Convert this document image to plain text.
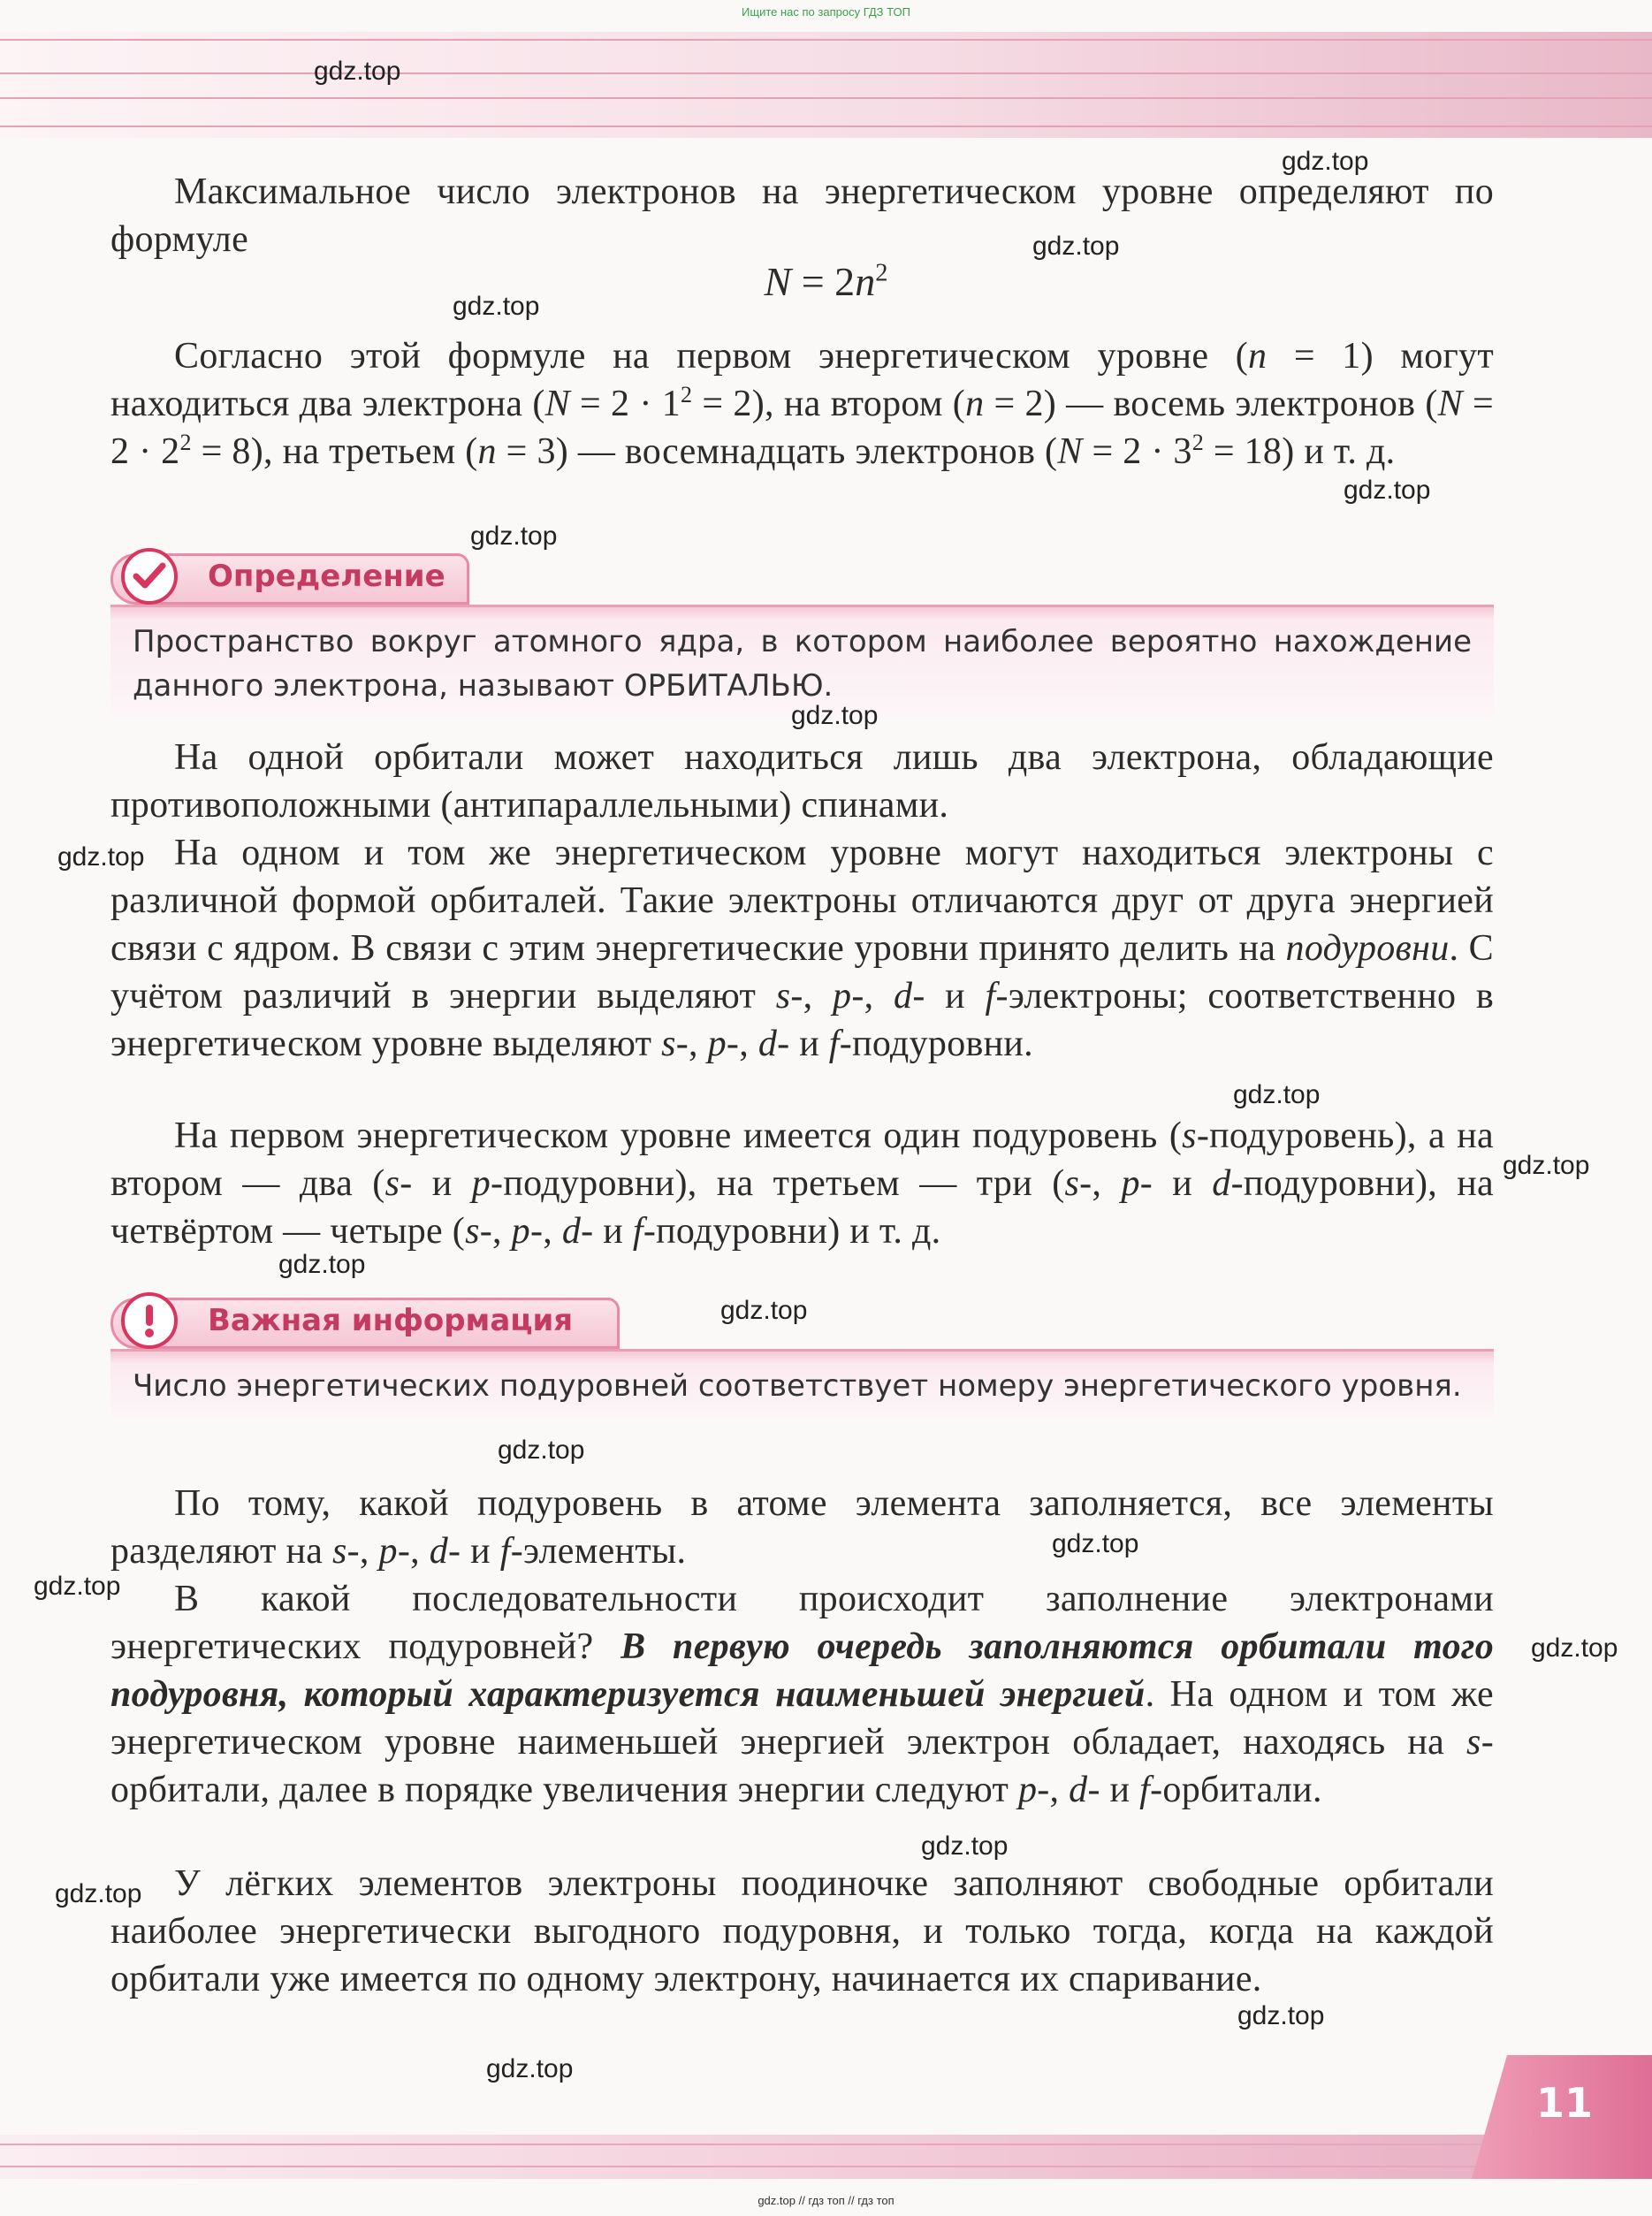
Ищите нас по запросу ГДЗ ТОП

Максимальное число электронов на энергетическом уровне определяют по формуле

$N = 2n^2$

Согласно этой формуле на первом энергетическом уровне (n = 1) могут находиться два электрона $(N = 2 \cdot 1^2 = 2)$, на втором (n = 2) — восемь электронов $(N = 2 \cdot 2^2 = 8)$, на третьем (n = 3) — восемнадцать электронов $(N = 2 \cdot 3^2 = 18)$ и т. д.

Определение

Пространство вокруг атомного ядра, в котором наиболее вероятно нахождение данного электрона, называют ОРБИТАЛЬЮ.

На одной орбитали может находиться лишь два электрона, обладающие противоположными (антипараллельными) спинами.

На одном и том же энергетическом уровне могут находиться электроны с различной формой орбиталей. Такие электроны отличаются друг от друга энергией связи с ядром. В связи с этим энергетические уровни принято делить на подуровни. С учётом различий в энергии выделяют s-, p-, d- и f-электроны; соответственно в энергетическом уровне выделяют s-, p-, d- и f-подуровни.

На первом энергетическом уровне имеется один подуровень (s-подуровень), а на втором — два (s- и p-подуровни), на третьем — три (s-, p- и d-подуровни), на четвёртом — четыре (s-, p-, d- и f-подуровни) и т. д.

Важная информация

Число энергетических подуровней соответствует номеру энергетического уровня.

По тому, какой подуровень в атоме элемента заполняется, все элементы разделяют на s-, p-, d- и f-элементы.

В какой последовательности происходит заполнение электронами энергетических подуровней? В первую очередь заполняются орбитали того подуровня, который характеризуется наименьшей энергией. На одном и том же энергетическом уровне наименьшей энергией электрон обладает, находясь на s-орбитали, далее в порядке увеличения энергии следуют p-, d- и f-орбитали.

У лёгких элементов электроны поодиночке заполняют свободные орбитали наиболее энергетически выгодного подуровня, и только тогда, когда на каждой орбитали уже имеется по одному электрону, начинается их спаривание.

11
gdz.top // гдз топ // гдз топ
gdz.top
gdz.top
gdz.top
gdz.top
gdz.top
gdz.top
gdz.top
gdz.top
gdz.top
gdz.top
gdz.top
gdz.top
gdz.top
gdz.top
gdz.top
gdz.top
gdz.top
gdz.top
gdz.top
gdz.top
